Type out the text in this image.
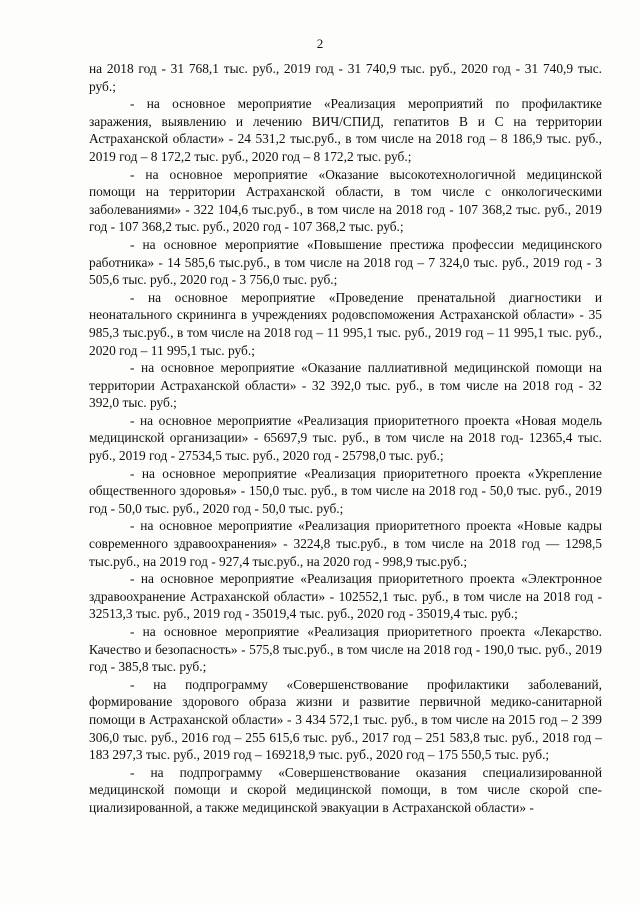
2

на 2018 год - 31 768,1 тыс. руб., 2019 год - 31 740,9 тыс. руб., 2020 год - 31 740,9 тыс. руб.;

- на основное мероприятие «Реализация мероприятий по профилактике заражения, выявлению и лечению ВИЧ/СПИД, гепатитов В и С на территории Астраханской области» - 24 531,2 тыс.руб., в том числе на 2018 год – 8 186,9 тыс. руб., 2019 год – 8 172,2 тыс. руб., 2020 год – 8 172,2 тыс. руб.;

- на основное мероприятие «Оказание высокотехнологичной медицинской помощи на территории Астраханской области, в том числе с онкологическими заболеваниями» - 322 104,6 тыс.руб., в том числе на 2018 год - 107 368,2 тыс. руб., 2019 год - 107 368,2 тыс. руб., 2020 год - 107 368,2 тыс. руб.;

- на основное мероприятие «Повышение престижа профессии медицинского работника» - 14 585,6 тыс.руб., в том числе на 2018 год – 7 324,0 тыс. руб., 2019 год - 3 505,6 тыс. руб., 2020 год - 3 756,0 тыс. руб.;

- на основное мероприятие «Проведение пренатальной диагностики и неонатального скрининга в учреждениях родовспоможения Астраханской области» - 35 985,3 тыс.руб., в том числе на 2018 год – 11 995,1 тыс. руб., 2019 год – 11 995,1 тыс. руб., 2020 год – 11 995,1 тыс. руб.;

- на основное мероприятие «Оказание паллиативной медицинской помощи на территории Астраханской области» - 32 392,0 тыс. руб., в том числе на 2018 год - 32 392,0 тыс. руб.;

- на основное мероприятие «Реализация приоритетного проекта «Новая модель медицинской организации» - 65697,9 тыс. руб., в том числе на 2018 год- 12365,4 тыс. руб., 2019 год - 27534,5 тыс. руб., 2020 год - 25798,0 тыс. руб.;

- на основное мероприятие «Реализация приоритетного проекта «Укрепление общественного здоровья» - 150,0 тыс. руб., в том числе на 2018 год - 50,0 тыс. руб., 2019 год - 50,0 тыс. руб., 2020 год - 50,0 тыс. руб.;

- на основное мероприятие «Реализация приоритетного проекта «Новые кадры современного здравоохранения» - 3224,8 тыс.руб., в том числе на 2018 год — 1298,5 тыс.руб., на 2019 год - 927,4 тыс.руб., на 2020 год - 998,9 тыс.руб.;

- на основное мероприятие «Реализация приоритетного проекта «Электронное здравоохранение Астраханской области» - 102552,1 тыс. руб., в том числе на 2018 год - 32513,3 тыс. руб., 2019 год - 35019,4 тыс. руб., 2020 год - 35019,4 тыс. руб.;

- на основное мероприятие «Реализация приоритетного проекта «Лекарство. Качество и безопасность» - 575,8 тыс.руб., в том числе на 2018 год - 190,0 тыс. руб., 2019 год - 385,8 тыс. руб.;

- на подпрограмму «Совершенствование профилактики заболеваний, формирование здорового образа жизни и развитие первичной медико-санитарной помощи в Астраханской области» - 3 434 572,1 тыс. руб., в том числе на 2015 год – 2 399 306,0 тыс. руб., 2016 год – 255 615,6 тыс. руб., 2017 год – 251 583,8 тыс. руб., 2018 год – 183 297,3 тыс. руб., 2019 год – 169218,9 тыс. руб., 2020 год – 175 550,5 тыс. руб.;

- на подпрограмму «Совершенствование оказания специализированной медицинской помощи и скорой медицинской помощи, в том числе скорой специализированной, а также медицинской эвакуации в Астраханской области» -
